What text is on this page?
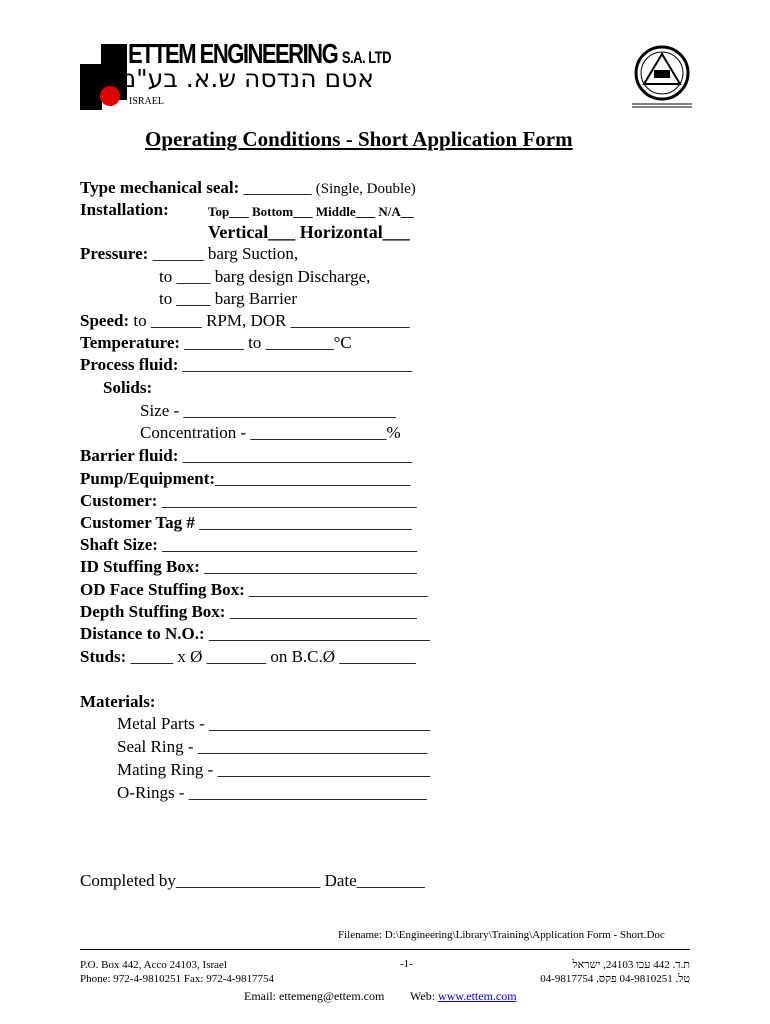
ETTEM ENGINEERING S.A. LTD
אטם הנדסה ש.א. בע"מ
ISRAEL
Operating Conditions - Short Application Form
Type mechanical seal: ________ (Single, Double)
Installation:	Top___ Bottom___ Middle___ N/A__
Vertical___ Horizontal___
Pressure: ______ barg Suction,
to ____ barg design Discharge,
to ____ barg Barrier
Speed: to ______ RPM, DOR ______________
Temperature: _______ to ________°C
Process fluid: ___________________________
Solids:
Size - _________________________
Concentration - ________________%
Barrier fluid: ___________________________
Pump/Equipment:_______________________
Customer: ______________________________
Customer Tag # _________________________
Shaft Size: ______________________________
ID Stuffing Box: _________________________
OD Face Stuffing Box: _____________________
Depth Stuffing Box: ______________________
Distance to N.O.: __________________________
Studs: _____ x Ø _______ on B.C.Ø _________
Materials:
Metal Parts - __________________________
Seal Ring - ___________________________
Mating Ring - _________________________
O-Rings - ____________________________
Completed by_________________ Date________
Filename: D:\Engineering\Library\Training\Application Form - Short.Doc
P.O. Box 442, Acco 24103, Israel
Phone: 972-4-9810251 Fax: 972-4-9817754
-1-	ת.ד. 442 עכו 24103, ישראל
טל. 04-9810251 פקס. 04-9817754
Email: ettemeng@ettem.com Web: www.ettem.com
